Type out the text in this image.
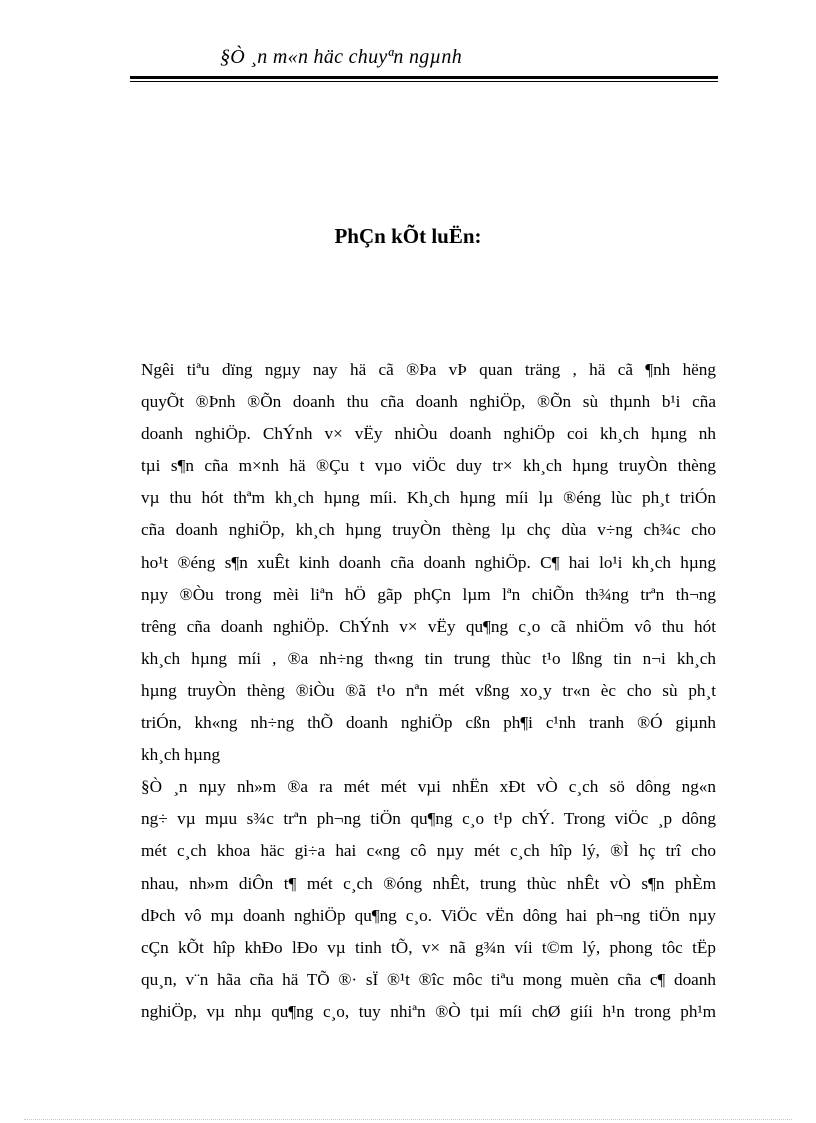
§Ò ¸n m«n häc chuyªn ngµnh
PhÇn kÕt luËn:
Ngêi tiªu dïng ngµy nay hä cã ®Þa vÞ quan träng , hä cã ¶nh hëng
quyÕt ®Þnh ®Õn doanh thu cña doanh nghiÖp, ®Õn sù thµnh b¹i cña
doanh nghiÖp. ChÝnh v× vËy nhiÒu doanh nghiÖp coi kh¸ch hµng nh
tµi s¶n cña m×nh hä ®Çu t vµo viÖc duy tr× kh¸ch hµng truyÒn thèng
vµ thu hót thªm kh¸ch hµng míi. Kh¸ch hµng míi lµ ®éng lùc ph¸t triÓn
cña doanh nghiÖp, kh¸ch hµng truyÒn thèng lµ chç dùa v÷ng ch¾c cho
ho¹t ®éng s¶n xuÊt kinh doanh cña doanh nghiÖp. C¶ hai lo¹i kh¸ch hµng
nµy ®Òu trong mèi liªn hÖ gãp phÇn lµm lªn chiÕn th¾ng trªn th¬ng
trêng cña doanh nghiÖp. ChÝnh v× vËy qu¶ng c¸o cã nhiÖm vô thu hót
kh¸ch hµng míi , ®a nh÷ng th«ng tin trung thùc t¹o lßng tin n¬i kh¸ch
hµng truyÒn thèng ®iÒu ®ã t¹o nªn mét vßng xo¸y tr«n èc cho sù ph¸t
triÓn, kh«ng nh÷ng thÕ doanh nghiÖp cßn ph¶i c¹nh tranh ®Ó giµnh
kh¸ch hµng
§Ò ¸n nµy nh»m ®a ra mét mét vµi nhËn xÐt vÒ c¸ch sö dông ng«n
ng÷ vµ mµu s¾c trªn ph¬ng tiÖn qu¶ng c¸o t¹p chÝ. Trong viÖc ¸p dông
mét c¸ch khoa häc gi÷a hai c«ng cô nµy mét c¸ch hîp lý, ®Ì hç trî cho
nhau, nh»m diÔn t¶ mét c¸ch ®óng nhÊt, trung thùc nhÊt vÒ s¶n phÈm
dÞch vô mµ doanh nghiÖp qu¶ng c¸o. ViÖc vËn dông hai ph¬ng tiÖn nµy
cÇn kÕt hîp khÐo lÐo vµ tinh tÕ, v× nã g¾n víi t©m lý, phong tôc tËp
qu¸n, v¨n hãa cña hä TÕ ®· sÏ ®¹t ®îc môc tiªu mong muèn cña c¶ doanh
nghiÖp, vµ nhµ qu¶ng c¸o, tuy nhiªn ®Ò tµi míi chØ giíi h¹n trong ph¹m
